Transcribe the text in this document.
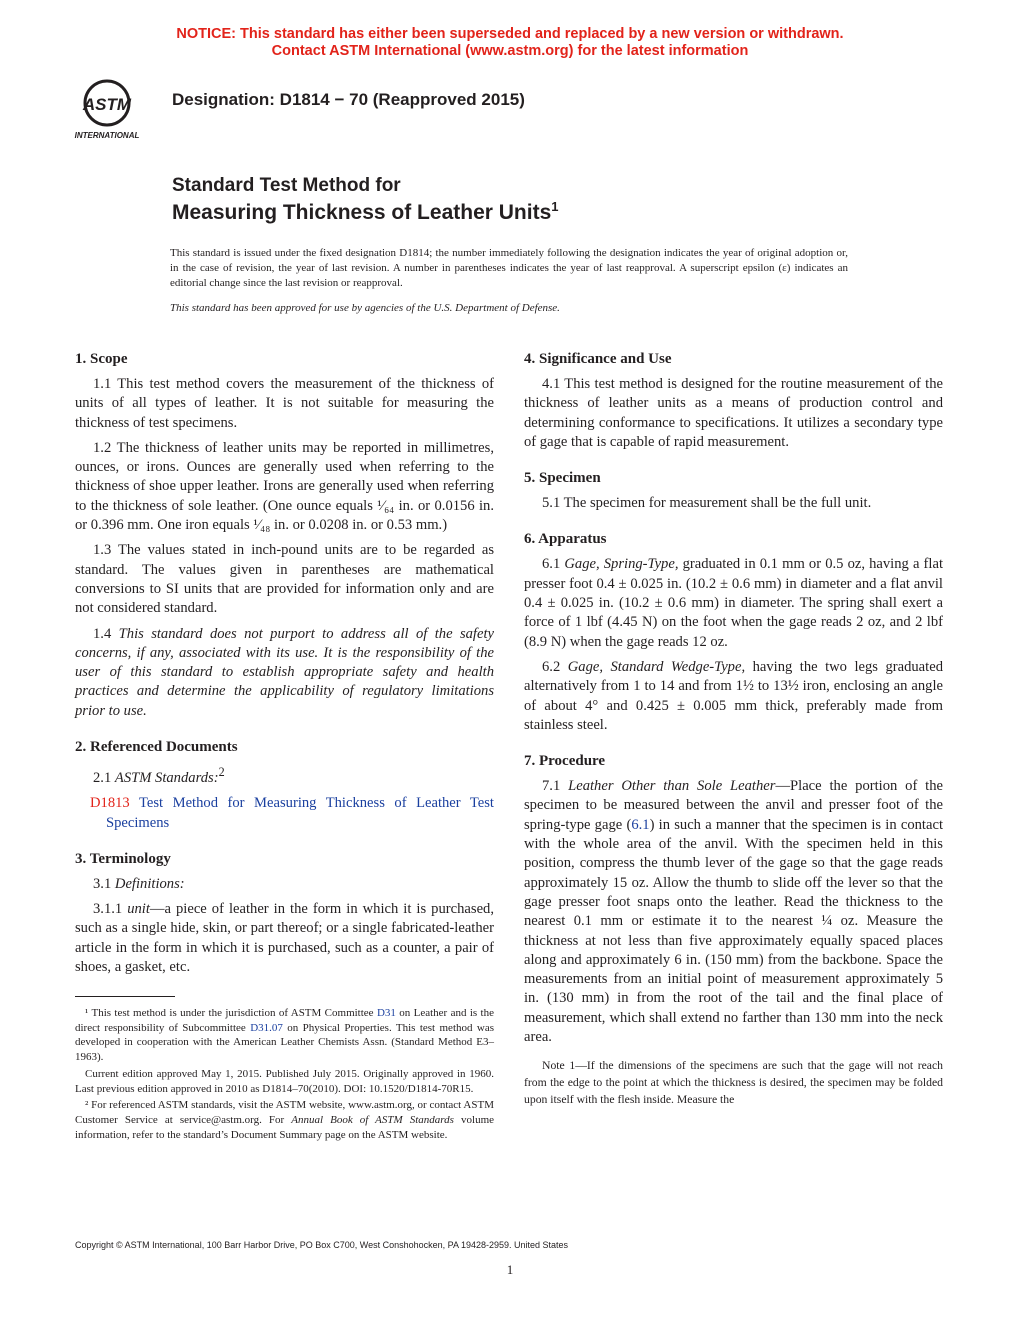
NOTICE: This standard has either been superseded and replaced by a new version or withdrawn.
Contact ASTM International (www.astm.org) for the latest information
ASTM
INTERNATIONAL
Designation: D1814 − 70 (Reapproved 2015)
Standard Test Method for
Measuring Thickness of Leather Units$^1$
This standard is issued under the fixed designation D1814; the number immediately following the designation indicates the year of original adoption or, in the case of revision, the year of last revision. A number in parentheses indicates the year of last reapproval. A superscript epsilon (ε) indicates an editorial change since the last revision or reapproval.
This standard has been approved for use by agencies of the U.S. Department of Defense.
1. Scope

1.1 This test method covers the measurement of the thickness of units of all types of leather. It is not suitable for measuring the thickness of test specimens.

1.2 The thickness of leather units may be reported in millimetres, ounces, or irons. Ounces are generally used when referring to the thickness of shoe upper leather. Irons are generally used when referring to the thickness of sole leather. (One ounce equals ¹⁄₆₄ in. or 0.0156 in. or 0.396 mm. One iron equals ¹⁄₄₈ in. or 0.0208 in. or 0.53 mm.)

1.3 The values stated in inch-pound units are to be regarded as standard. The values given in parentheses are mathematical conversions to SI units that are provided for information only and are not considered standard.

1.4 This standard does not purport to address all of the safety concerns, if any, associated with its use. It is the responsibility of the user of this standard to establish appropriate safety and health practices and determine the applicability of regulatory limitations prior to use.

2. Referenced Documents

2.1 ASTM Standards:$^2$

D1813 Test Method for Measuring Thickness of Leather Test Specimens
3. Terminology

3.1 Definitions:

3.1.1 unit—a piece of leather in the form in which it is purchased, such as a single hide, skin, or part thereof; or a single fabricated-leather article in the form in which it is purchased, such as a counter, a pair of shoes, a gasket, etc.

¹ This test method is under the jurisdiction of ASTM Committee D31 on Leather and is the direct responsibility of Subcommittee D31.07 on Physical Properties. This test method was developed in cooperation with the American Leather Chemists Assn. (Standard Method E3–1963).

Current edition approved May 1, 2015. Published July 2015. Originally approved in 1960. Last previous edition approved in 2010 as D1814–70(2010). DOI: 10.1520/D1814-70R15.

² For referenced ASTM standards, visit the ASTM website, www.astm.org, or contact ASTM Customer Service at service@astm.org. For Annual Book of ASTM Standards volume information, refer to the standard’s Document Summary page on the ASTM website.

4. Significance and Use

4.1 This test method is designed for the routine measurement of the thickness of leather units as a means of production control and determining conformance to specifications. It utilizes a secondary type of gage that is capable of rapid measurement.

5. Specimen

5.1 The specimen for measurement shall be the full unit.

6. Apparatus

6.1 Gage, Spring-Type, graduated in 0.1 mm or 0.5 oz, having a flat presser foot 0.4 ± 0.025 in. (10.2 ± 0.6 mm) in diameter and a flat anvil 0.4 ± 0.025 in. (10.2 ± 0.6 mm) in diameter. The spring shall exert a force of 1 lbf (4.45 N) on the foot when the gage reads 2 oz, and 2 lbf (8.9 N) when the gage reads 12 oz.

6.2 Gage, Standard Wedge-Type, having the two legs graduated alternatively from 1 to 14 and from 1½ to 13½ iron, enclosing an angle of about 4° and 0.425 ± 0.005 mm thick, preferably made from stainless steel.

7. Procedure

7.1 Leather Other than Sole Leather—Place the portion of the specimen to be measured between the anvil and presser foot of the spring-type gage (6.1) in such a manner that the specimen is in contact with the whole area of the anvil. With the specimen held in this position, compress the thumb lever of the gage so that the gage reads approximately 15 oz. Allow the thumb to slide off the lever so that the gage presser foot snaps onto the leather. Read the thickness to the nearest 0.1 mm or estimate it to the nearest ¼ oz. Measure the thickness at not less than five approximately equally spaced places along and approximately 6 in. (150 mm) from the backbone. Space the measurements from an initial point of measurement approximately 5 in. (130 mm) in from the root of the tail and the final place of measurement, which shall extend no farther than 130 mm into the neck area.

Note 1—If the dimensions of the specimens are such that the gage will not reach from the edge to the point at which the thickness is desired, the specimen may be folded upon itself with the flesh inside. Measure the

Copyright © ASTM International, 100 Barr Harbor Drive, PO Box C700, West Conshohocken, PA 19428-2959. United States
1
